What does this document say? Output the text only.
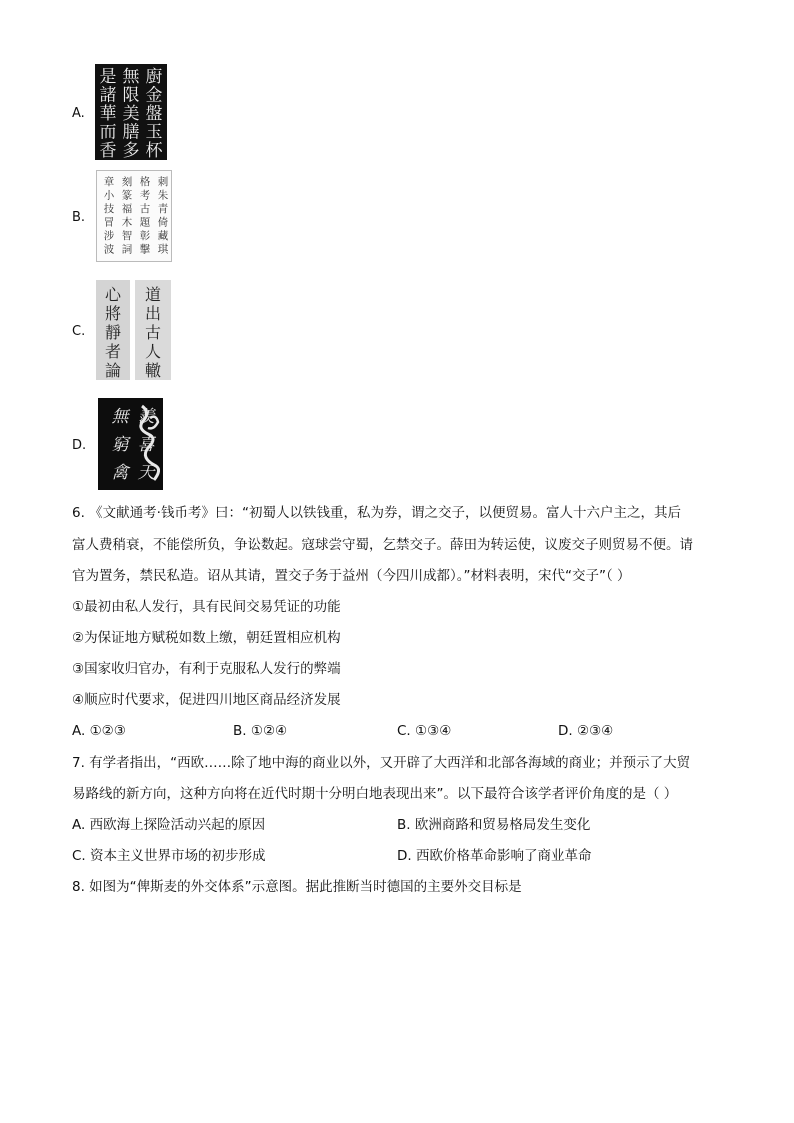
A.
廚
金
盤
玉
杯
無
限
美
膳
多
是
諸
華
而
香
B.
刺
朱
青
倚
藏
琪
格
考
古
題
彰
擊
刻
篆
福
木
智
詞
章
小
技
冒
涉
波
C.
心
將
靜
者
論
道
出
古
人
轍
D.
無
窮
禽
羨
喜
天
6. 《文献通考·钱币考》曰：“初蜀人以铁钱重，私为券，谓之交子，以便贸易。富人十六户主之，其后
富人费稍衰，不能偿所负，争讼数起。寇球尝守蜀，乞禁交子。薛田为转运使，议废交子则贸易不便。请
官为置务，禁民私造。诏从其请，置交子务于益州（今四川成都）。”材料表明，宋代“交子”（ ）
①最初由私人发行，具有民间交易凭证的功能
②为保证地方赋税如数上缴，朝廷置相应机构
③国家收归官办，有利于克服私人发行的弊端
④顺应时代要求，促进四川地区商品经济发展
A. ①②③	B. ①②④	C. ①③④	D. ②③④
7. 有学者指出，“西欧……除了地中海的商业以外，又开辟了大西洋和北部各海域的商业；并预示了大贸
易路线的新方向，这种方向将在近代时期十分明白地表现出来”。以下最符合该学者评价角度的是（ ）
A. 西欧海上探险活动兴起的原因	B. 欧洲商路和贸易格局发生变化
C. 资本主义世界市场的初步形成	D. 西欧价格革命影响了商业革命
8. 如图为“俾斯麦的外交体系”示意图。据此推断当时德国的主要外交目标是
